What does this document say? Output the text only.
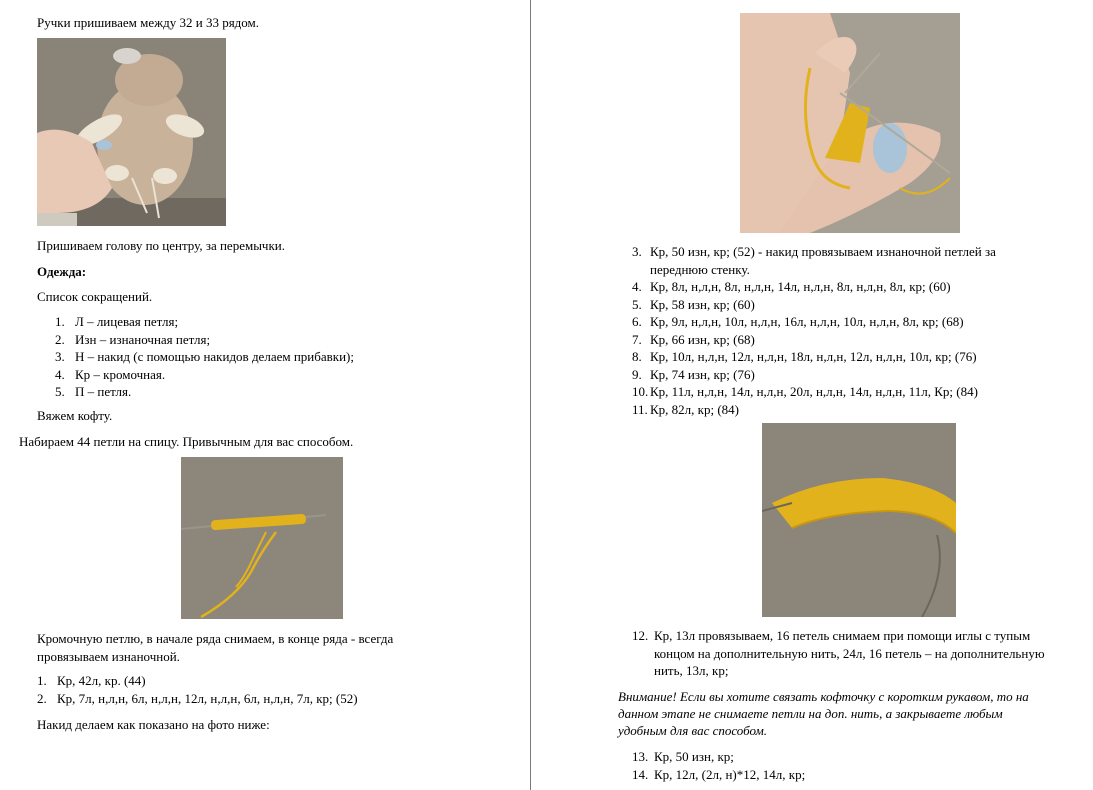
Ручки пришиваем между 32 и 33 рядом.
Пришиваем голову по центру, за перемычки.
Одежда:
Список сокращений.
1. Л – лицевая петля;
2. Изн – изнаночная петля;
3. Н – накид (с помощью накидов делаем прибавки);
4. Кр – кромочная.
5. П – петля.
Вяжем кофту.
Набираем 44 петли на спицу. Привычным для вас способом.
Кромочную петлю, в начале ряда снимаем, в конце ряда - всегда
провязываем изнаночной.
1. Кр, 42л, кр. (44)
2. Кр, 7л, н,л,н, 6л, н,л,н, 12л, н,л,н, 6л, н,л,н, 7л, кр; (52)
Накид делаем как показано на фото ниже:
3. Кр, 50 изн, кр; (52) - накид провязываем изнаночной петлей за
переднюю стенку.
4. Кр, 8л, н,л,н, 8л, н,л,н, 14л, н,л,н, 8л, н,л,н, 8л, кр; (60)
5. Кр, 58 изн, кр; (60)
6. Кр, 9л, н,л,н, 10л, н,л,н, 16л, н,л,н, 10л, н,л,н, 8л, кр; (68)
7. Кр, 66 изн, кр; (68)
8. Кр, 10л, н,л,н, 12л, н,л,н, 18л, н,л,н, 12л, н,л,н, 10л, кр; (76)
9. Кр, 74 изн, кр; (76)
10. Кр, 11л, н,л,н, 14л, н,л,н, 20л, н,л,н, 14л, н,л,н, 11л, Кр; (84)
11. Кр, 82л, кр; (84)
12. Кр, 13л провязываем, 16 петель снимаем при помощи иглы с тупым
концом на дополнительную нить, 24л, 16 петель – на дополнительную
нить, 13л, кр;
Внимание! Если вы хотите связать кофточку с коротким рукавом, то на
данном этапе не снимаете петли на доп. нить, а закрываете любым
удобным для вас способом.
13. Кр, 50 изн, кр;
14. Кр, 12л, (2л, н)*12, 14л, кр;
